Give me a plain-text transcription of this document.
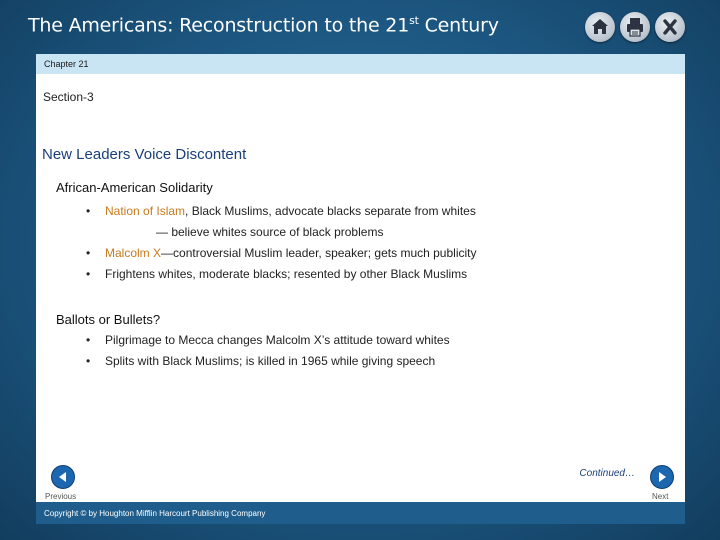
The Americans: Reconstruction to the 21st Century
Chapter 21
Section-3
New Leaders Voice Discontent
African-American Solidarity
• Nation of Islam, Black Muslims, advocate blacks separate from whites
— believe whites source of black problems
• Malcolm X—controversial Muslim leader, speaker; gets much publicity
• Frightens whites, moderate blacks; resented by other Black Muslims
Ballots or Bullets?
• Pilgrimage to Mecca changes Malcolm X’s attitude toward whites
• Splits with Black Muslims; is killed in 1965 while giving speech
Continued…
Previous	Next
Copyright © by Houghton Mifflin Harcourt Publishing Company
